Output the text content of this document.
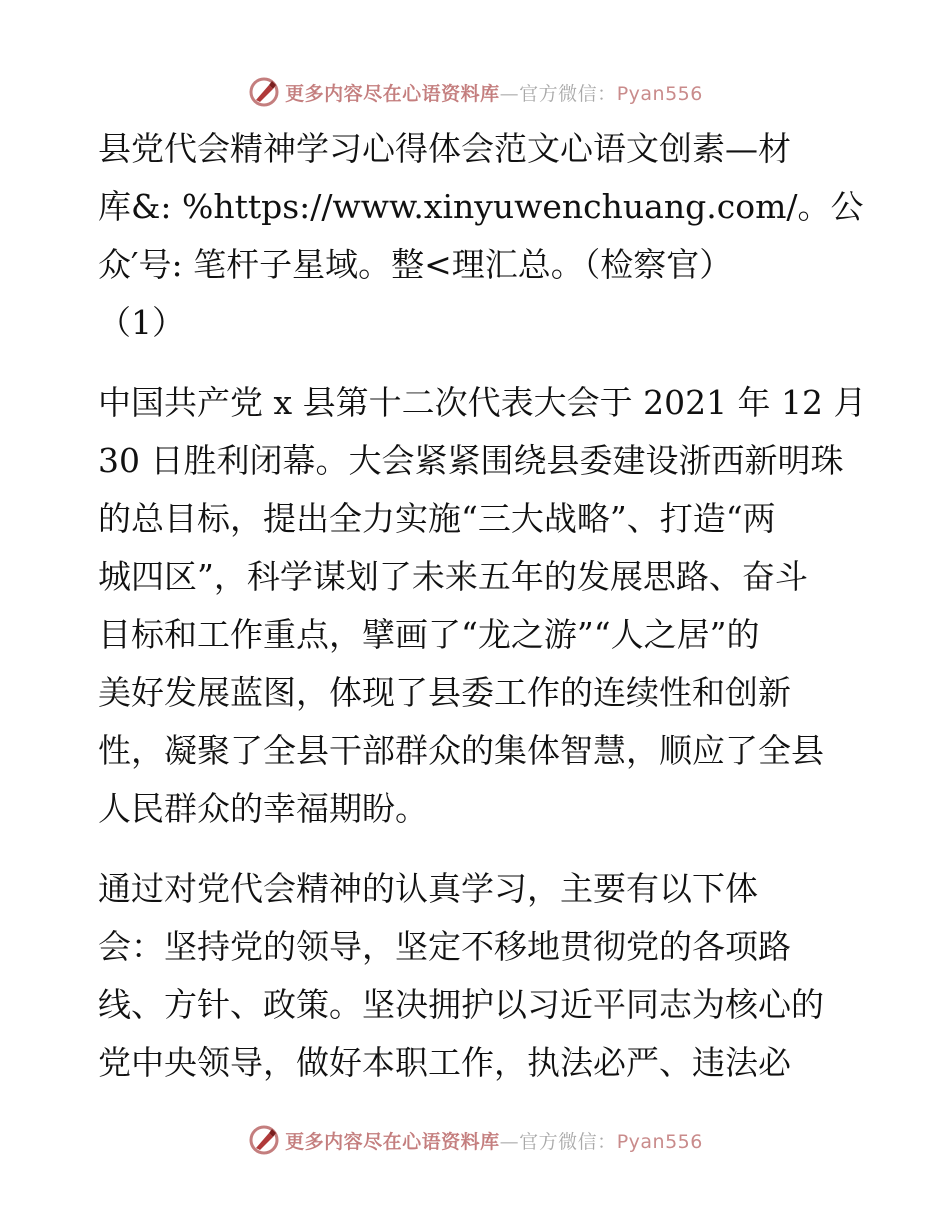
更多内容尽在心语资料库—官方微信：Pyan556

县党代会精神学习心得体会范文心语文创素—材
库&: %https://www.xinyuwenchuang.com/。公
众′号: 笔杆子星域。整<理汇总。（检察官）
（1）

中国共产党 x 县第十二次代表大会于 2021 年 12 月
30 日胜利闭幕。大会紧紧围绕县委建设浙西新明珠
的总目标，提出全力实施“三大战略”、打造“两
城四区”，科学谋划了未来五年的发展思路、奋斗
目标和工作重点，擘画了“龙之游”“人之居”的
美好发展蓝图，体现了县委工作的连续性和创新
性，凝聚了全县干部群众的集体智慧，顺应了全县
人民群众的幸福期盼。

通过对党代会精神的认真学习，主要有以下体
会：坚持党的领导，坚定不移地贯彻党的各项路
线、方针、政策。坚决拥护以习近平同志为核心的
党中央领导，做好本职工作，执法必严、违法必

更多内容尽在心语资料库—官方微信：Pyan556
